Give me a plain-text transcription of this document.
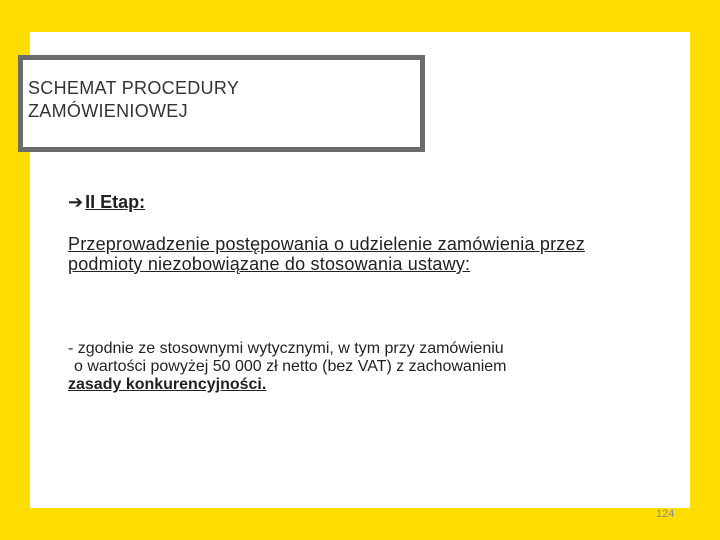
SCHEMAT PROCEDURY
ZAMÓWIENIOWEJ
➔ II Etap:
Przeprowadzenie postępowania o udzielenie zamówienia przez podmioty niezobowiązane do stosowania ustawy:
- zgodnie ze stosownymi wytycznymi, w tym przy zamówieniu
o wartości powyżej 50 000 zł netto (bez VAT) z zachowaniem
zasady konkurencyjności.
124
